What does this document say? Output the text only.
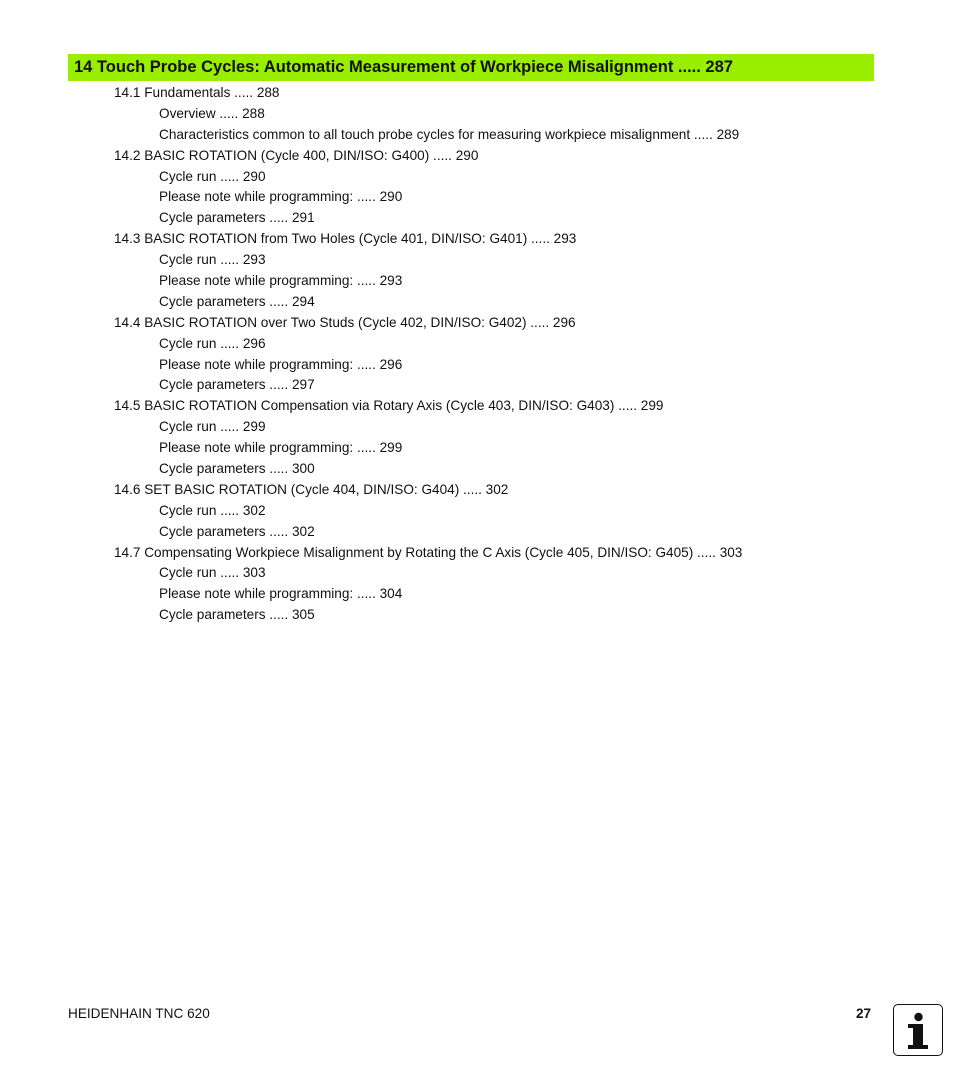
14 Touch Probe Cycles: Automatic Measurement of Workpiece Misalignment ..... 287
14.1 Fundamentals ..... 288
Overview ..... 288
Characteristics common to all touch probe cycles for measuring workpiece misalignment ..... 289
14.2 BASIC ROTATION (Cycle 400, DIN/ISO: G400) ..... 290
Cycle run ..... 290
Please note while programming: ..... 290
Cycle parameters ..... 291
14.3 BASIC ROTATION from Two Holes (Cycle 401, DIN/ISO: G401) ..... 293
Cycle run ..... 293
Please note while programming: ..... 293
Cycle parameters ..... 294
14.4 BASIC ROTATION over Two Studs (Cycle 402, DIN/ISO: G402) ..... 296
Cycle run ..... 296
Please note while programming: ..... 296
Cycle parameters ..... 297
14.5 BASIC ROTATION Compensation via Rotary Axis (Cycle 403, DIN/ISO: G403) ..... 299
Cycle run ..... 299
Please note while programming: ..... 299
Cycle parameters ..... 300
14.6 SET BASIC ROTATION (Cycle 404, DIN/ISO: G404) ..... 302
Cycle run ..... 302
Cycle parameters ..... 302
14.7 Compensating Workpiece Misalignment by Rotating the C Axis (Cycle 405, DIN/ISO: G405) ..... 303
Cycle run ..... 303
Please note while programming: ..... 304
Cycle parameters ..... 305
HEIDENHAIN TNC 620	27
